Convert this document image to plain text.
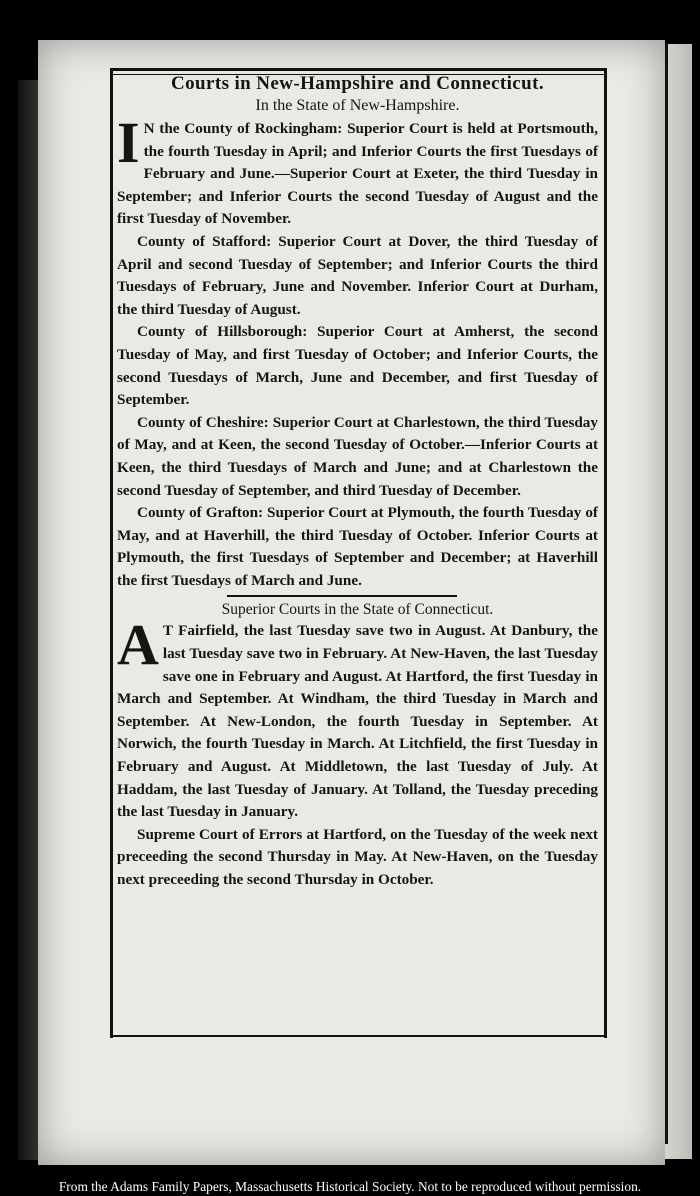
Courts in New-Hampshire and Connecticut.
In the State of New-Hampshire.
I N the County of Rockingham: Superior Court is held at Portsmouth, the fourth Tuesday in April; and Inferior Courts the first Tuesdays of February and June.—Superior Court at Exeter, the third Tuesday in September; and Inferior Courts the second Tuesday of August and the first Tuesday of November.
County of Stafford: Superior Court at Dover, the third Tuesday of April and second Tuesday of September; and Inferior Courts the third Tuesdays of February, June and November. Inferior Court at Durham, the third Tuesday of August.
County of Hillsborough: Superior Court at Amherst, the second Tuesday of May, and first Tuesday of October; and Inferior Courts, the second Tuesdays of March, June and December, and first Tuesday of September.
County of Cheshire: Superior Court at Charlestown, the third Tuesday of May, and at Keen, the second Tuesday of October.—Inferior Courts at Keen, the third Tuesdays of March and June; and at Charlestown the second Tuesday of September, and third Tuesday of December.
County of Grafton: Superior Court at Plymouth, the fourth Tuesday of May, and at Haverhill, the third Tuesday of October. Inferior Courts at Plymouth, the first Tuesdays of September and December; at Haverhill the first Tuesdays of March and June.
Superior Courts in the State of Connecticut.
A T Fairfield, the last Tuesday save two in August. At Danbury, the last Tuesday save two in February. At New-Haven, the last Tuesday save one in February and August. At Hartford, the first Tuesday in March and September. At Windham, the third Tuesday in March and September. At New-London, the fourth Tuesday in September. At Norwich, the fourth Tuesday in March. At Litchfield, the first Tuesday in February and August. At Middletown, the last Tuesday of July. At Haddam, the last Tuesday of January. At Tolland, the Tuesday preceding the last Tuesday in January.
Supreme Court of Errors at Hartford, on the Tuesday of the week next preceeding the second Thursday in May. At New-Haven, on the Tuesday next preceeding the second Thursday in October.
From the Adams Family Papers, Massachusetts Historical Society. Not to be reproduced without permission.
